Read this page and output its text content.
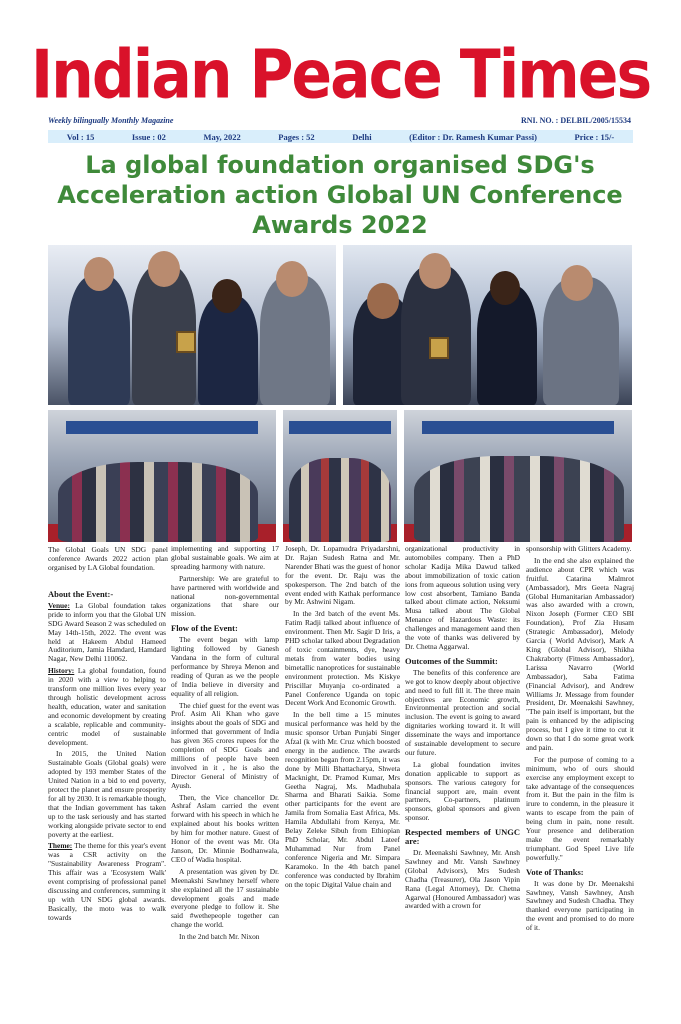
Indian Peace Times
Weekly bilingually Monthly Magazine	RNI. NO. : DELBIL/2005/15534
Vol : 15	Issue : 02	May, 2022	Pages : 52	Delhi	(Editor : Dr. Ramesh Kumar Passi)	Price : 15/-
La global foundation organised SDG's Acceleration action Global UN Conference Awards 2022
The Global Goals UN SDG panel conference Awards 2022 action plan organised by LA Global foundation.

About the Event:-

Venue: La Global foundation takes pride to inform you that the Global UN SDG Award Season 2 was scheduled on May 14th-15th, 2022. The event was held at Hakeem Abdul Hameed Auditorium, Jamia Hamdard, Hamdard Nagar, New Delhi 110062.

History: La global foundation, found in 2020 with a view to helping to transform one million lives every year through holistic development across health, education, water and sanitation and economic development by creating a scalable, replicable and community-centric model of sustainable development.

In 2015, the United Nation Sustainable Goals (Global goals) were adopted by 193 member States of the United Nation in a bid to end poverty, protect the planet and ensure prosperity for all by 2030. It is remarkable though, that the Indian government has taken up to the task seriously and has started working alongside private sector to end poverty at the earliest.

Theme: The theme for this year's event was a CSR activity on the "Sustainability Awareness Program". This affair was a 'Ecosystem Walk' event comprising of professional panel discussing and conferences, summing it up with UN SDG global awards. Basically, the moto was to walk towards

implementing and supporting 17 global sustainable goals. We aim at spreading harmony with nature.

Partnership: We are grateful to have partnered with worldwide and national non-governmental organizations that share our mission.

Flow of the Event:

The event began with lamp lighting followed by Ganesh Vandana in the form of cultural performance by Shreya Menon and reading of Quran as we the people of India believe in diversity and equality of all religion.

The chief guest for the event was Prof. Asim Ali Khan who gave insights about the goals of SDG and informed that government of India has given 365 crores rupees for the completion of SDG Goals and millions of people have been involved in it , he is also the Director General of Ministry of Ayush.

Then, the Vice chancellor Dr. Ashraf Aslam carried the event forward with his speech in which he explained about his books written by him for mother nature. Guest of Honor of the event was Mr. Ola Janson, Dr. Minnie Bodhanwala, CEO of Wadia hospital.

A presentation was given by Dr. Meenakshi Sawhney herself where she explained all the 17 sustainable development goals and made everyone pledge to follow it. She said #wethepeople together can change the world.

In the 2nd batch Mr. Nixon

Joseph, Dr. Lopamudra Priyadarshni, Dr. Rajan Sudesh Ratna and Mr. Narender Bhati was the guest of honor for the event. Dr. Raju was the spokesperson. The 2nd batch of the event ended with Kathak performance by Mr. Ashwini Nigam.

In the 3rd batch of the event Ms. Fatim Radji talked about influence of environment. Then Mr. Sagir D Iris, a PHD scholar talked about Degradation of toxic containments, dye, heavy metals from water bodies using bimetallic nanoprotices for sustainable environment protection. Ms Kiskye Priscillar Muyanja co-ordinated a Panel Conference Uganda on topic Decent Work And Economic Growth.

In the bell time a 15 minutes musical performance was held by the music sponsor Urban Punjabi Singer Afzal (k with Mr. Cruz which boosted energy in the audience. The awards recognition began from 2.15pm, it was done by Milli Bhattacharya, Shweta Macknight, Dr. Pramod Kumar, Mrs Geetha Nagraj, Ms. Madhubala Sharma and Bharati Saikia. Some other participants for the event are Jamila from Somalia East Africa, Ms. Hamila Abdullahi from Kenya, Mr. Belay Zeleke Sibuh from Ethiopian PhD Scholar, Mr. Abdul Lateef Muhammad Nur from Panel conference Nigeria and Mr. Simpara Karamoko. In the 4th batch panel conference was conducted by Ibrahim on the topic Digital Value chain and

organizational productivity in automobiles company. Then a PhD scholar Kadija Mika Dawud talked about immobilization of toxic cation ions from aqueous solution using very low cost absorbent, Tamiano Banda talked about climate action, Neksumi Musa talked about The Global Menance of Hazardous Waste: its challenges and management aand then the vote of thanks was delivered by Dr. Chetna Aggarwal.

Outcomes of the Summit:

The benefits of this conference are we got to know deeply about objective and need to full fill it. The three main objectives are Economic growth, Environmental protection and social inclusion. The event is going to award dignitaries working toward it. It will disseminate the ways and importance of sustainable development to secure our future.

La global foundation invites donation applicable to support as sponsors. The various category for financial support are, main event partners, Co-partners, platinum sponsors, global sponsors and given sponsor.

Respected members of UNGC are:

Dr. Meenakshi Sawhney, Mr. Ansh Sawhney and Mr. Vansh Sawhney (Global Advisors), Mrs Sudesh Chadha (Treasurer), Ola Jason Vipin Rana (Legal Attorney), Dr. Chetna Agarwal (Honoured Ambassador) was awarded with a crown for

sponsorship with Glitters Academy.

In the end she also explained the audience about CPR which was fruitful. Catarina Malmrot (Ambassador), Mrs Geeta Nagraj (Global Humanitarian Ambassador) was also awarded with a crown, Nixon Joseph (Former CEO SBI Foundation), Prof Zia Husam (Strategic Ambassador), Melody Garcia ( World Advisor), Mark A King (Global Advisor), Shikha Chakraborty (Fitness Ambassador), Larissa Navarro (World Ambassador), Saba Fatima (Financial Advisor), and Andrew Williams Jr. Message from founder President, Dr. Meenakshi Sawhney, "The pain itself is important, but the pain is enhanced by the adipiscing process, but I give it time to cut it down so that I do some great work and pain.

For the purpose of coming to a minimum, who of ours should exercise any employment except to take advantage of the consequences from it. But the pain in the film is irure to condemn, in the pleasure it wants to escape from the pain of being clum in pain, none result. Your presence and deliberation make the event remarkably triumphant. God Speel Live life powerfully."

Vote of Thanks:

It was done by Dr. Meenakshi Sawhney, Vansh Sawhney, Ansh Sawhney and Sudesh Chadha. They thanked everyone participating in the event and promised to do more of it.
